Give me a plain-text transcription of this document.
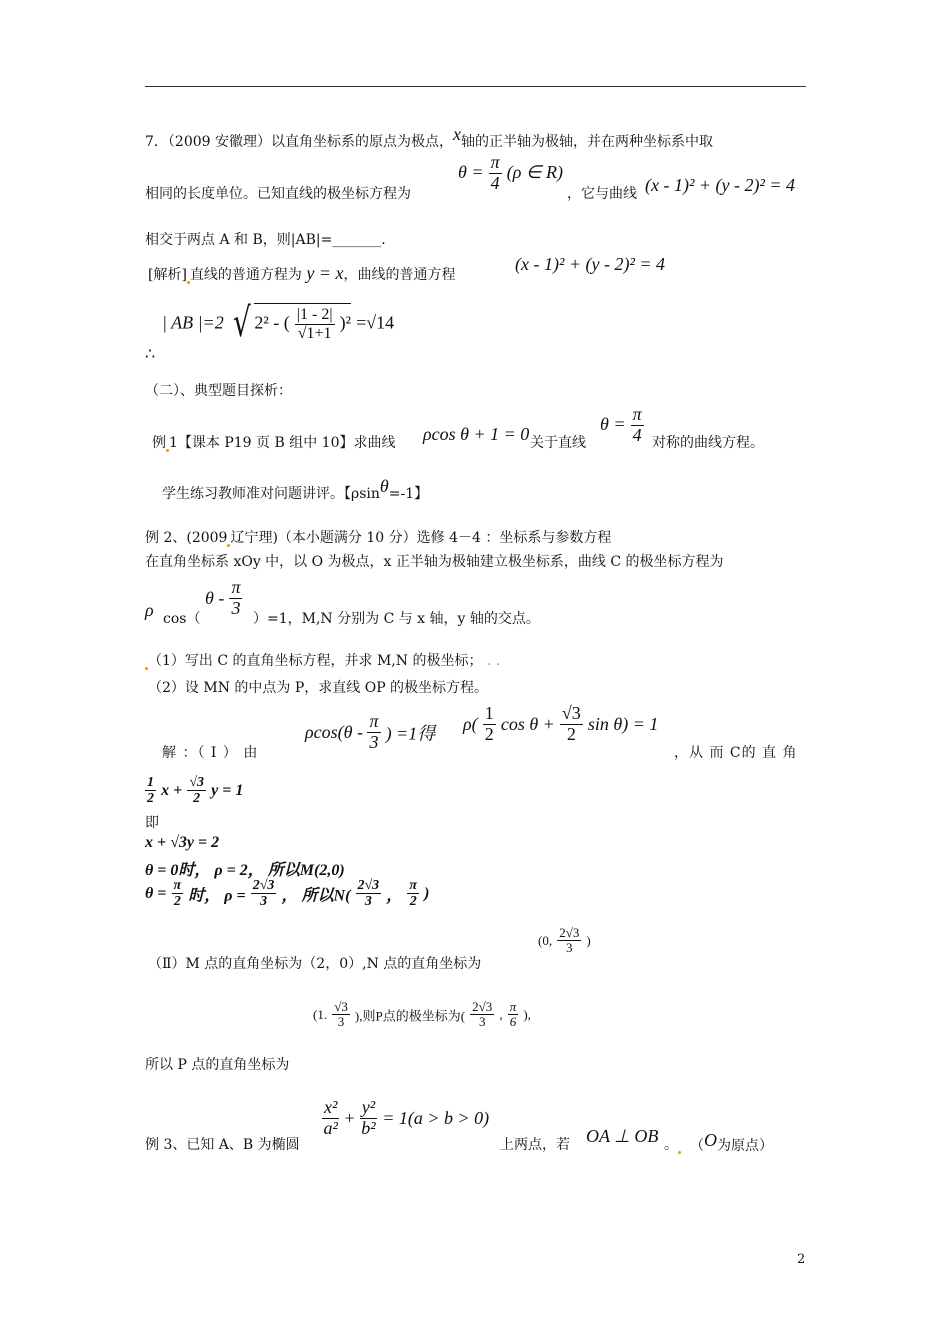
7．（2009 安徽理）以直角坐标系的原点为极点，x轴的正半轴为极轴，并在两种坐标系中取
$\theta = \frac{\pi}{4} (\rho$ ∈ R)
相同的长度单位。已知直线的极坐标方程为	，它与曲线 (x - 1)² + (y - 2)² = 4
相交于两点 A 和 B，则|AB|=_______.
[解析] 直线的普通方程为 y = x，曲线的普通方程
(x - 1)² + (y - 2)² = 4
| AB |=2 √ 2² - ( $\frac{|1 - 2|}{√1+1} )^2 =√14$
∴
（二）、典型题目探析：
例 1【课本 P19 页 B 组中 10】求曲线 ρcos θ + 1 = 0 关于直线
$\theta = \frac{\pi}{4}$ 对称的曲线方程。
学生练习教师准对问题讲评。【ρsinθ=-1】
例 2、(2009 辽宁理)（本小题满分 10 分）选修 4－4 ：坐标系与参数方程
在直角坐标系 xOy 中，以 O 为极点，x 正半轴为极轴建立极坐标系，曲线 C 的极坐标方程为
ρ cos（
θ - $\frac{\pi}{3}$
）=1，M,N 分别为 C 与 x 轴，y 轴的交点。
（1）写出 C 的直角坐标方程，并求 M,N 的极坐标； . .
（2）设 MN 的中点为 P，求直线 OP 的极坐标方程。
解 ：（ Ⅰ ） 由
$\rho\cos(\theta - \frac{\pi}{3}$ ) =1得 $\rho( \frac{1}{2}$ $\cos \theta + \frac{√3}{2}$ sin θ) = 1
，从 而 C的 直 角
$\frac{1}{2}$ $x + \frac{√3}{2}$ y = 1
即
x + √3y = 2
θ = 0时， ρ = 2， 所以M(2,0)
$\theta = \frac{\pi}{2}$ 时， $\rho = \frac{2√3}{3}$ ， 所以$N( \frac{2√3}{3}$ ， $\frac{\pi}{2}$ )
（Ⅱ）M 点的直角坐标为（2，0）,N 点的直角坐标为
(0, $\frac{2√3}{3}$ )
(1. $\frac{√3}{3}$ ),则P点的极坐标为( $\frac{2√3}{3}$ , $\frac{\pi}{6}$ ),
所以 P 点的直角坐标为
例 3、已知 A、B 为椭圆
$\frac{\text{x²}}{\text{a²}} + \frac{\text{y²}}{\text{b²}} = 1(a > b > 0)$
上两点，若 OA ⊥ OB 。 （O为原点）
2
